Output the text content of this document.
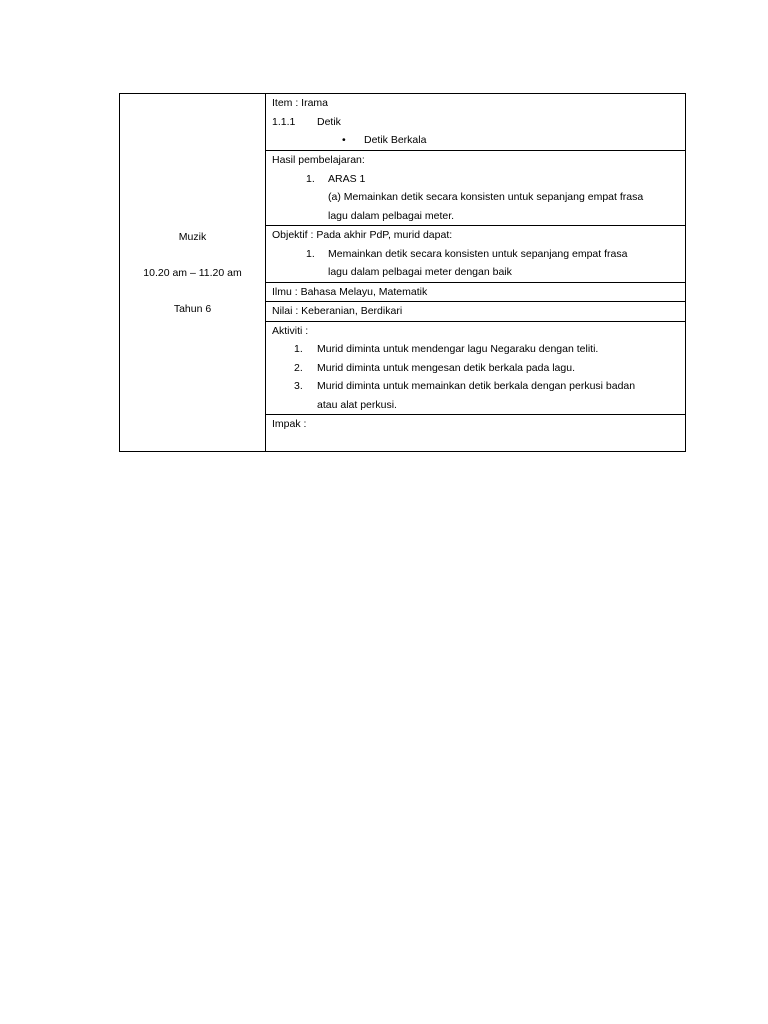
Muzik
10.20 am – 11.20 am
Tahun 6

Item : Irama
1.1.1 Detik
• Detik Berkala

Hasil pembelajaran:
1. ARAS 1
(a) Memainkan detik secara konsisten untuk sepanjang empat frasa
lagu dalam pelbagai meter.

Objektif : Pada akhir PdP, murid dapat:
1. Memainkan detik secara konsisten untuk sepanjang empat frasa
lagu dalam pelbagai meter dengan baik

Ilmu : Bahasa Melayu, Matematik

Nilai : Keberanian, Berdikari

Aktiviti :
1. Murid diminta untuk mendengar lagu Negaraku dengan teliti.
2. Murid diminta untuk mengesan detik berkala pada lagu.
3. Murid diminta untuk memainkan detik berkala dengan perkusi badan
atau alat perkusi.

Impak :
